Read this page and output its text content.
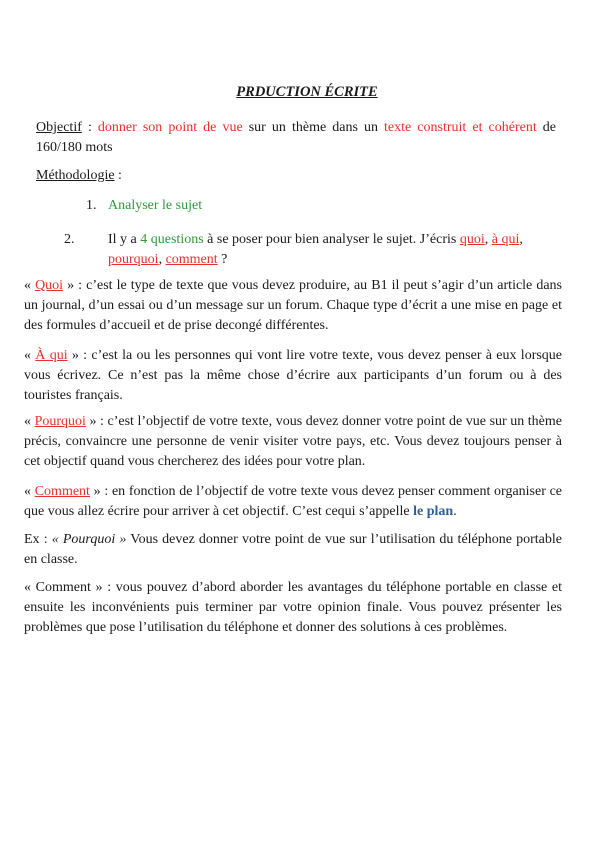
PRDUCTION ÉCRITE
Objectif : donner son point de vue sur un thème dans un texte construit et cohérent de 160/180 mots
Méthodologie :
1. Analyser le sujet
2. Il y a 4 questions à se poser pour bien analyser le sujet. J’écris quoi, à qui, pourquoi, comment ?
« Quoi » : c’est le type de texte que vous devez produire, au B1 il peut s’agir d’un article dans un journal, d’un essai ou d’un message sur un forum. Chaque type d’écrit a une mise en page et des formules d’accueil et de prise decongé différentes.
« À qui » : c’est la ou les personnes qui vont lire votre texte, vous devez penser à eux lorsque vous écrivez. Ce n’est pas la même chose d’écrire aux participants d’un forum ou à des touristes français.
« Pourquoi » : c’est l’objectif de votre texte, vous devez donner votre point de vue sur un thème précis, convaincre une personne de venir visiter votre pays, etc. Vous devez toujours penser à cet objectif quand vous chercherez des idées pour votre plan.
« Comment » : en fonction de l’objectif de votre texte vous devez penser comment organiser ce que vous allez écrire pour arriver à cet objectif. C’est cequi s’appelle le plan.
Ex : « Pourquoi » Vous devez donner votre point de vue sur l’utilisation du téléphone portable en classe.
« Comment » : vous pouvez d’abord aborder les avantages du téléphone portable en classe et ensuite les inconvénients puis terminer par votre opinion finale. Vous pouvez présenter les problèmes que pose l’utilisation du téléphone et donner des solutions à ces problèmes.
